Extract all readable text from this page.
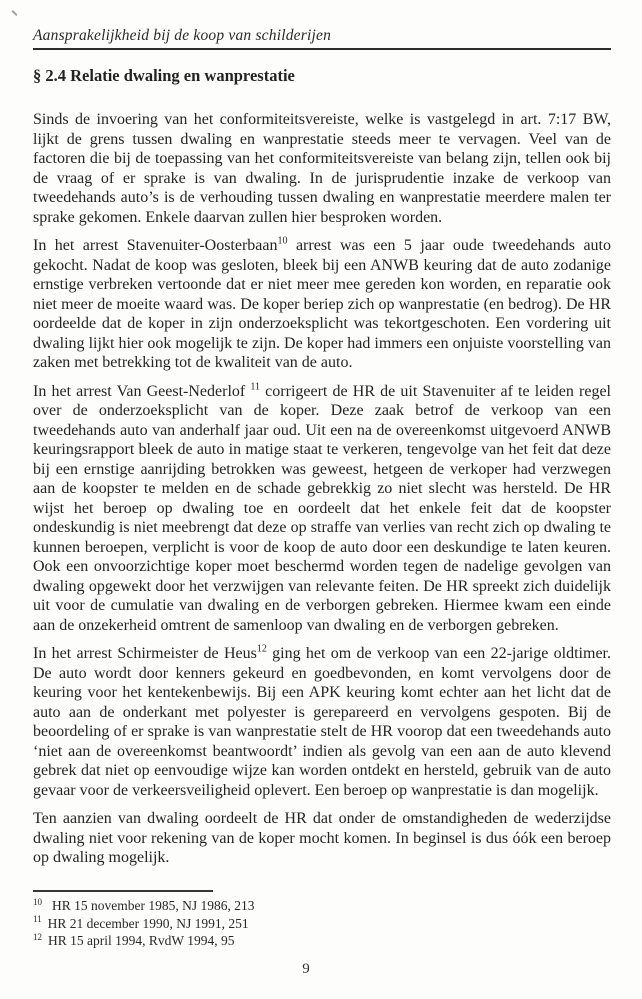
Aansprakelijkheid bij de koop van schilderijen
§ 2.4 Relatie dwaling en wanprestatie

Sinds de invoering van het conformiteitsvereiste, welke is vastgelegd in art. 7:17 BW, lijkt de grens tussen dwaling en wanprestatie steeds meer te vervagen. Veel van de factoren die bij de toepassing van het conformiteitsvereiste van belang zijn, tellen ook bij de vraag of er sprake is van dwaling. In de jurisprudentie inzake de verkoop van tweedehands auto’s is de verhouding tussen dwaling en wanprestatie meerdere malen ter sprake gekomen. Enkele daarvan zullen hier besproken worden.

In het arrest Stavenuiter-Oosterbaan$^{10}$ arrest was een 5 jaar oude tweedehands auto gekocht. Nadat de koop was gesloten, bleek bij een ANWB keuring dat de auto zodanige ernstige verbreken vertoonde dat er niet meer mee gereden kon worden, en reparatie ook niet meer de moeite waard was. De koper beriep zich op wanprestatie (en bedrog). De HR oordeelde dat de koper in zijn onderzoeksplicht was tekortgeschoten. Een vordering uit dwaling lijkt hier ook mogelijk te zijn. De koper had immers een onjuiste voorstelling van zaken met betrekking tot de kwaliteit van de auto.

In het arrest Van Geest-Nederlof $^{11}$ corrigeert de HR de uit Stavenuiter af te leiden regel over de onderzoeksplicht van de koper. Deze zaak betrof de verkoop van een tweedehands auto van anderhalf jaar oud. Uit een na de overeenkomst uitgevoerd ANWB keuringsrapport bleek de auto in matige staat te verkeren, tengevolge van het feit dat deze bij een ernstige aanrijding betrokken was geweest, hetgeen de verkoper had verzwegen aan de koopster te melden en de schade gebrekkig zo niet slecht was hersteld. De HR wijst het beroep op dwaling toe en oordeelt dat het enkele feit dat de koopster ondeskundig is niet meebrengt dat deze op straffe van verlies van recht zich op dwaling te kunnen beroepen, verplicht is voor de koop de auto door een deskundige te laten keuren. Ook een onvoorzichtige koper moet beschermd worden tegen de nadelige gevolgen van dwaling opgewekt door het verzwijgen van relevante feiten. De HR spreekt zich duidelijk uit voor de cumulatie van dwaling en de verborgen gebreken. Hiermee kwam een einde aan de onzekerheid omtrent de samenloop van dwaling en de verborgen gebreken.

In het arrest Schirmeister de Heus$^{12}$ ging het om de verkoop van een 22-jarige oldtimer. De auto wordt door kenners gekeurd en goedbevonden, en komt vervolgens door de keuring voor het kentekenbewijs. Bij een APK keuring komt echter aan het licht dat de auto aan de onderkant met polyester is gerepareerd en vervolgens gespoten. Bij de beoordeling of er sprake is van wanprestatie stelt de HR voorop dat een tweedehands auto ‘niet aan de overeenkomst beantwoordt’ indien als gevolg van een aan de auto klevend gebrek dat niet op eenvoudige wijze kan worden ontdekt en hersteld, gebruik van de auto gevaar voor de verkeersveiligheid oplevert. Een beroep op wanprestatie is dan mogelijk.

Ten aanzien van dwaling oordeelt de HR dat onder de omstandigheden de wederzijdse dwaling niet voor rekening van de koper mocht komen. In beginsel is dus óók een beroep op dwaling mogelijk.

$^{10}$ HR 15 november 1985, NJ 1986, 213
$^{11}$ HR 21 december 1990, NJ 1991, 251
$^{12}$ HR 15 april 1994, RvdW 1994, 95
9
